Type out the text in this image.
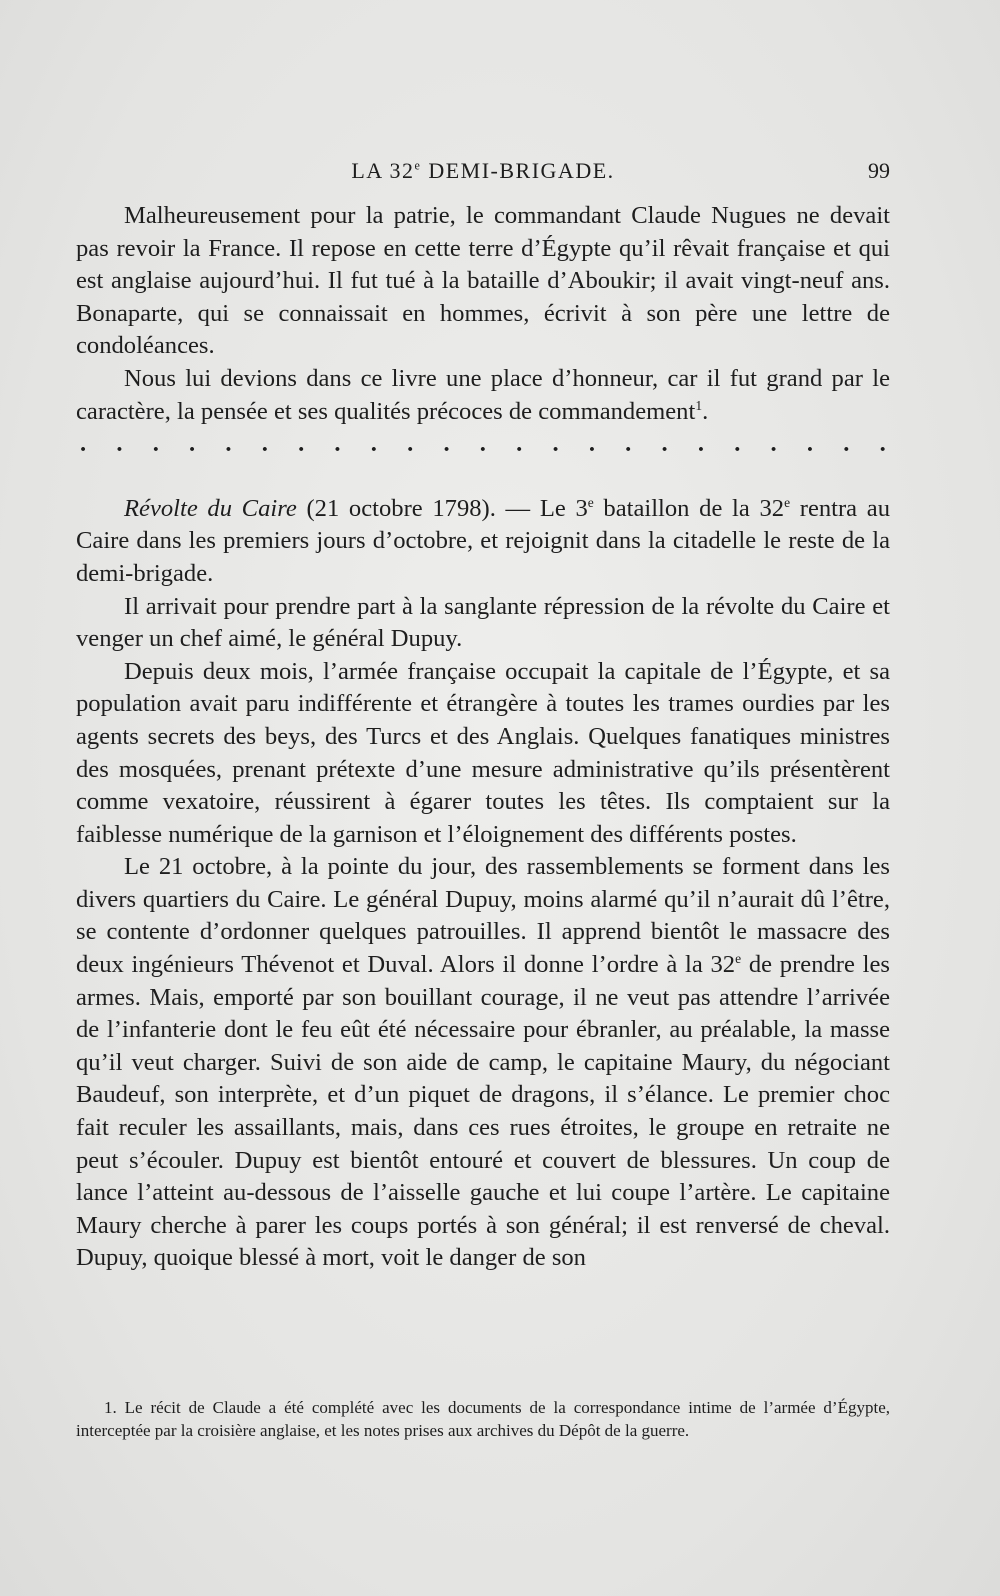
LA 32e DEMI-BRIGADE.	99

Malheureusement pour la patrie, le commandant Claude Nugues ne devait pas revoir la France. Il repose en cette terre d’Égypte qu’il rêvait française et qui est anglaise aujourd’hui. Il fut tué à la bataille d’Aboukir; il avait vingt-neuf ans. Bonaparte, qui se connaissait en hommes, écrivit à son père une lettre de condoléances.

Nous lui devions dans ce livre une place d’honneur, car il fut grand par le caractère, la pensée et ses qualités précoces de commandement$^1$.

. . . . . . . . . . . . . . . . . . . . . . .

Révolte du Caire (21 octobre 1798). — Le 3e bataillon de la 32e rentra au Caire dans les premiers jours d’octobre, et rejoignit dans la citadelle le reste de la demi-brigade.

Il arrivait pour prendre part à la sanglante répression de la révolte du Caire et venger un chef aimé, le général Dupuy.

Depuis deux mois, l’armée française occupait la capitale de l’Égypte, et sa population avait paru indifférente et étrangère à toutes les trames ourdies par les agents secrets des beys, des Turcs et des Anglais. Quelques fanatiques ministres des mosquées, prenant prétexte d’une mesure administrative qu’ils présentèrent comme vexatoire, réussirent à égarer toutes les têtes. Ils comptaient sur la faiblesse numérique de la garnison et l’éloignement des différents postes.

Le 21 octobre, à la pointe du jour, des rassemblements se forment dans les divers quartiers du Caire. Le général Dupuy, moins alarmé qu’il n’aurait dû l’être, se contente d’ordonner quelques patrouilles. Il apprend bientôt le massacre des deux ingénieurs Thévenot et Duval. Alors il donne l’ordre à la 32e de prendre les armes. Mais, emporté par son bouillant courage, il ne veut pas attendre l’arrivée de l’infanterie dont le feu eût été nécessaire pour ébranler, au préalable, la masse qu’il veut charger. Suivi de son aide de camp, le capitaine Maury, du négociant Baudeuf, son interprète, et d’un piquet de dragons, il s’élance. Le premier choc fait reculer les assaillants, mais, dans ces rues étroites, le groupe en retraite ne peut s’écouler. Dupuy est bientôt entouré et couvert de blessures. Un coup de lance l’atteint au-dessous de l’aisselle gauche et lui coupe l’artère. Le capitaine Maury cherche à parer les coups portés à son général; il est renversé de cheval. Dupuy, quoique blessé à mort, voit le danger de son

1. Le récit de Claude a été complété avec les documents de la correspondance intime de l’armée d’Égypte, interceptée par la croisière anglaise, et les notes prises aux archives du Dépôt de la guerre.
